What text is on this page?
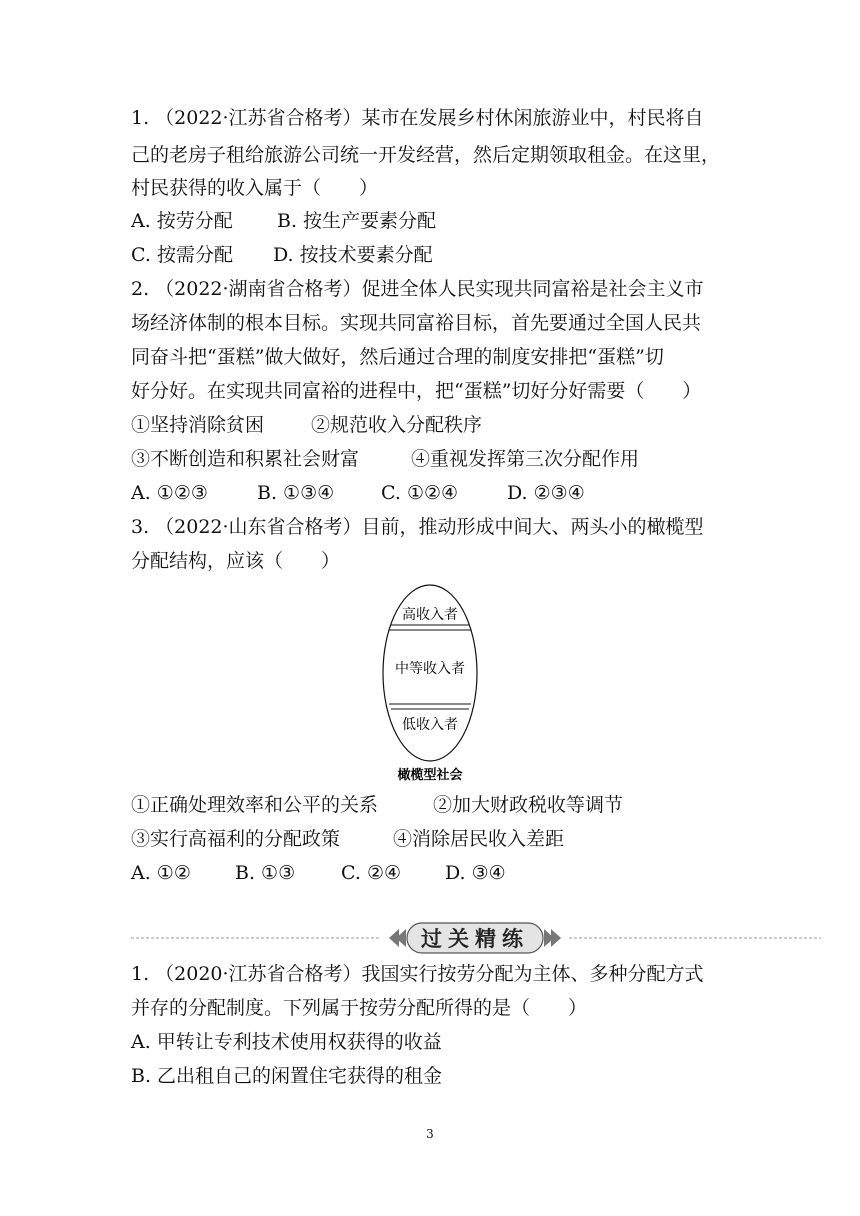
1. （2022·江苏省合格考）某市在发展乡村休闲旅游业中，村民将自
己的老房子租给旅游公司统一开发经营，然后定期领取租金。在这里，
村民获得的收入属于（　　）
A. 按劳分配 B. 按生产要素分配
C. 按需分配 D. 按技术要素分配
2. （2022·湖南省合格考）促进全体人民实现共同富裕是社会主义市
场经济体制的根本目标。实现共同富裕目标，首先要通过全国人民共
同奋斗把“蛋糕”做大做好，然后通过合理的制度安排把“蛋糕”切
好分好。在实现共同富裕的进程中，把“蛋糕”切好分好需要（　　）
①坚持消除贫困 ②规范收入分配秩序
③不断创造和积累社会财富	④重视发挥第三次分配作用
A. ①②③	B. ①③④ C. ①②④	D. ②③④
3. （2022·山东省合格考）目前，推动形成中间大、两头小的橄榄型
分配结构，应该（　　）
高收入者
中等收入者
低收入者
橄榄型社会
①正确处理效率和公平的关系	②加大财政税收等调节
③实行高福利的分配政策	④消除居民收入差距
A. ①② B. ①③ C. ②④ D. ③④
过关精练
1. （2020·江苏省合格考）我国实行按劳分配为主体、多种分配方式
并存的分配制度。下列属于按劳分配所得的是（　　）
A. 甲转让专利技术使用权获得的收益
B. 乙出租自己的闲置住宅获得的租金
3
